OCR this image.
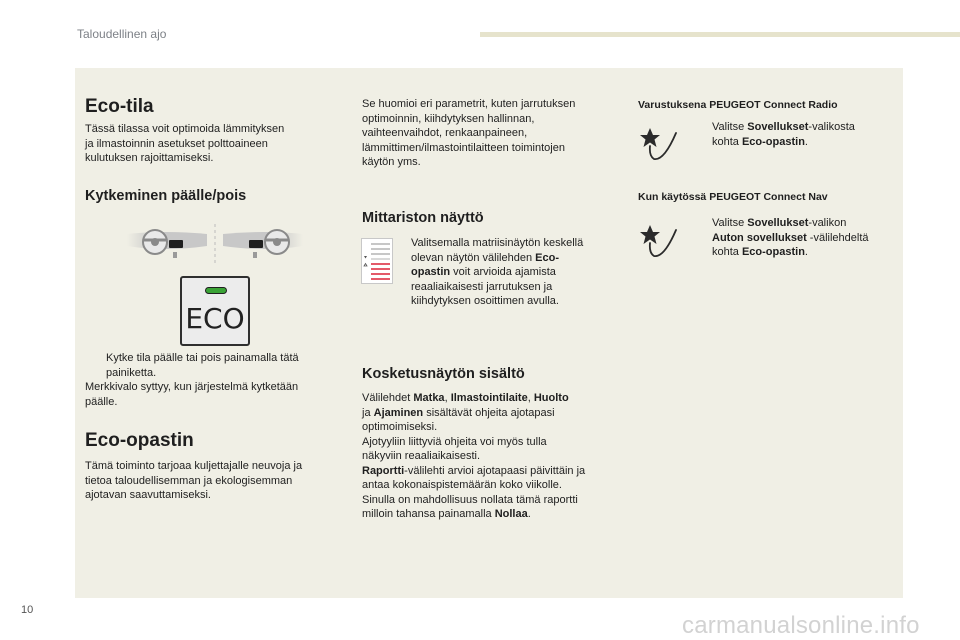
Taloudellinen ajo
Eco-tila
Tässä tilassa voit optimoida lämmityksen
ja ilmastoinnin asetukset polttoaineen
kulutuksen rajoittamiseksi.
Kytkeminen päälle/pois
ECO
Kytke tila päälle tai pois painamalla tätä
painiketta.
Merkkivalo syttyy, kun järjestelmä kytketään
päälle.
Eco-opastin
Tämä toiminto tarjoaa kuljettajalle neuvoja ja
tietoa taloudellisemman ja ekologisemman
ajotavan saavuttamiseksi.
Se huomioi eri parametrit, kuten jarrutuksen
optimoinnin, kiihdytyksen hallinnan,
vaihteenvaihdot, renkaanpaineen,
lämmittimen/ilmastointilaitteen toimintojen
käytön yms.
Mittariston näyttö
Valitsemalla matriisinäytön keskellä
olevan näytön välilehden Eco-
opastin voit arvioida ajamista
reaaliaikaisesti jarrutuksen ja
kiihdytyksen osoittimen avulla.
Kosketusnäytön sisältö
Välilehdet Matka, Ilmastointilaite, Huolto
ja Ajaminen sisältävät ohjeita ajotapasi
optimoimiseksi.
Ajotyyliin liittyviä ohjeita voi myös tulla
näkyviin reaaliaikaisesti.
Raportti-välilehti arvioi ajotapaasi päivittäin ja
antaa kokonaispistemäärän koko viikolle.
Sinulla on mahdollisuus nollata tämä raportti
milloin tahansa painamalla Nollaa.
Varustuksena PEUGEOT Connect Radio
Valitse Sovellukset-valikosta
kohta Eco-opastin.
Kun käytössä PEUGEOT Connect Nav
Valitse Sovellukset-valikon
Auton sovellukset -välilehdeltä
kohta Eco-opastin.
10
carmanualsonline.info
